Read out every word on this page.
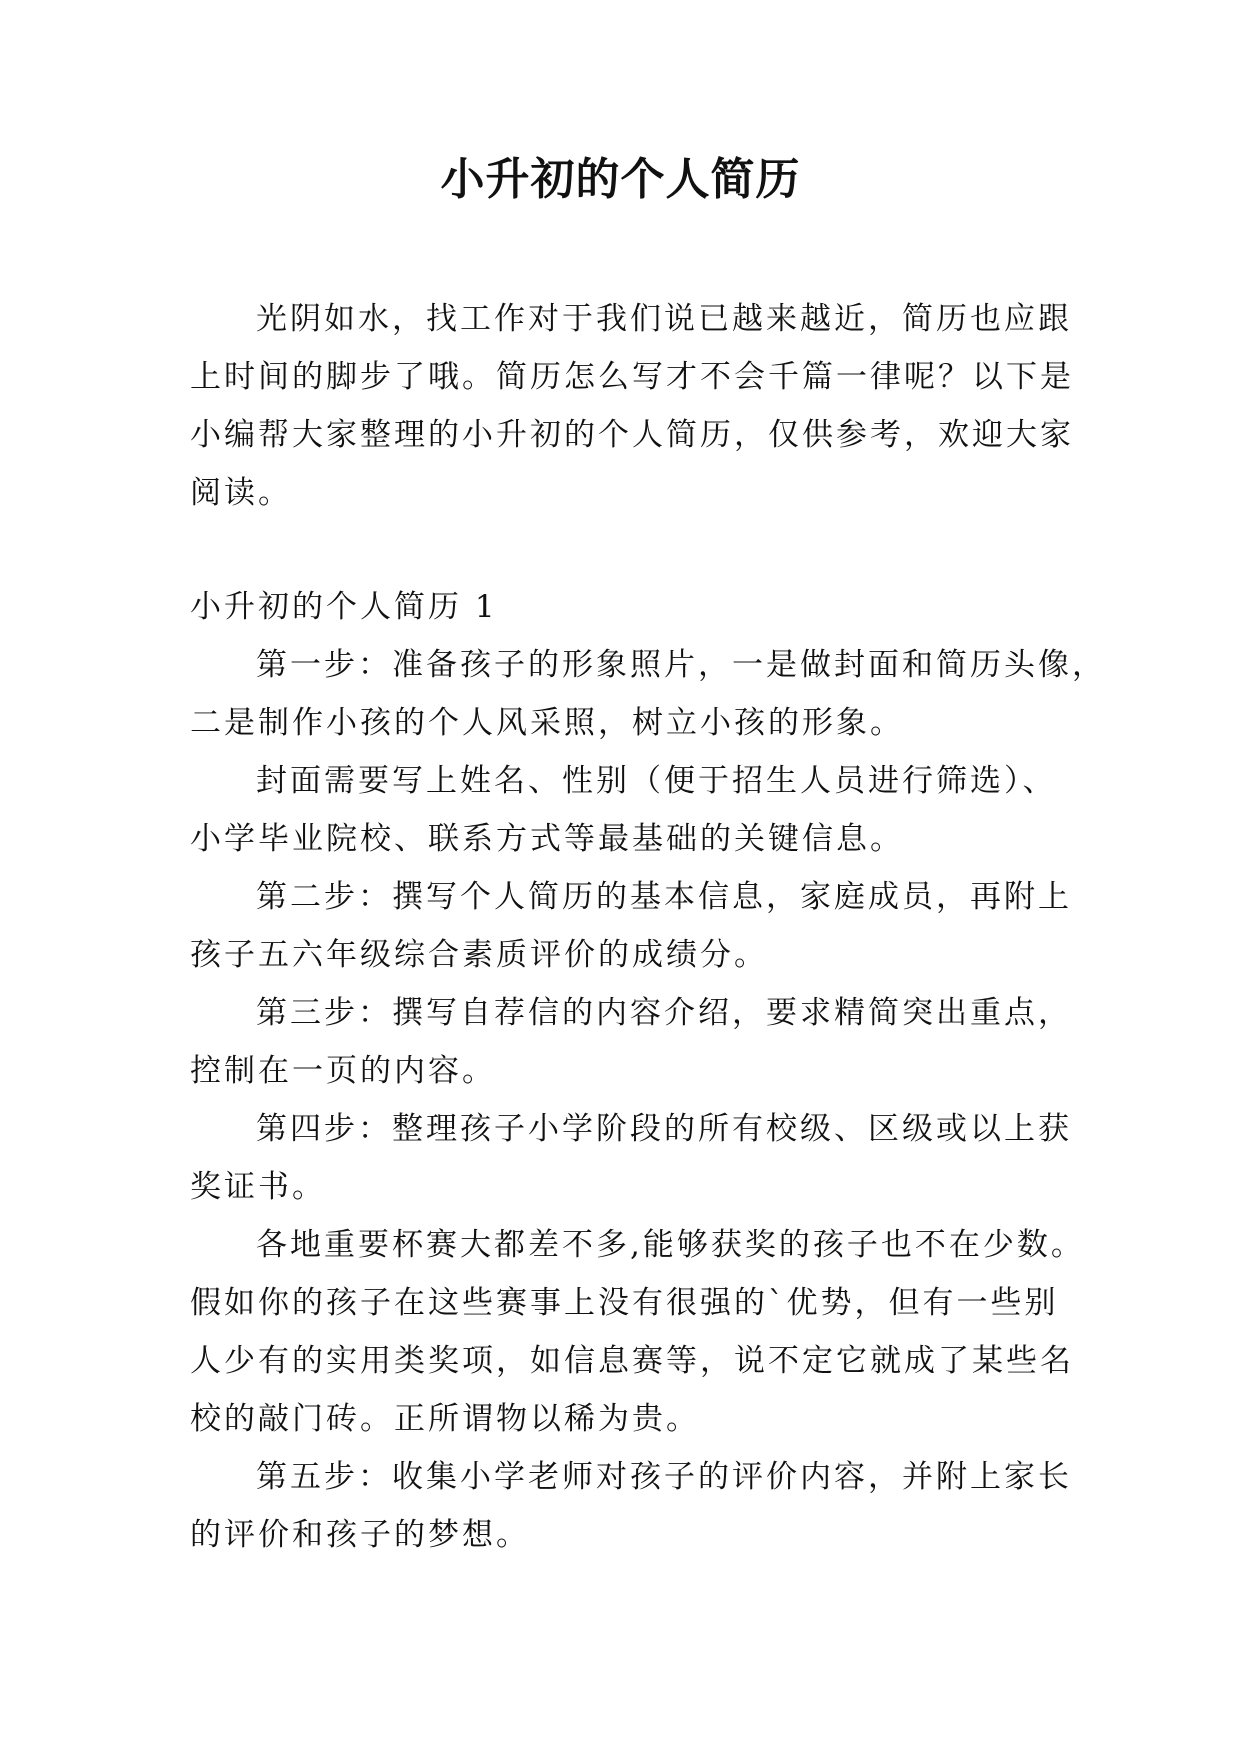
小升初的个人简历
光阴如水，找工作对于我们说已越来越近，简历也应跟
上时间的脚步了哦。简历怎么写才不会千篇一律呢？以下是
小编帮大家整理的小升初的个人简历，仅供参考，欢迎大家
阅读。
小升初的个人简历 1
第一步：准备孩子的形象照片，一是做封面和简历头像，
二是制作小孩的个人风采照，树立小孩的形象。
封面需要写上姓名、性别（便于招生人员进行筛选）、
小学毕业院校、联系方式等最基础的关键信息。
第二步：撰写个人简历的基本信息，家庭成员，再附上
孩子五六年级综合素质评价的成绩分。
第三步：撰写自荐信的内容介绍，要求精简突出重点，
控制在一页的内容。
第四步：整理孩子小学阶段的所有校级、区级或以上获
奖证书。
各地重要杯赛大都差不多,能够获奖的孩子也不在少数。
假如你的孩子在这些赛事上没有很强的`优势，但有一些别
人少有的实用类奖项，如信息赛等，说不定它就成了某些名
校的敲门砖。正所谓物以稀为贵。
第五步：收集小学老师对孩子的评价内容，并附上家长
的评价和孩子的梦想。
